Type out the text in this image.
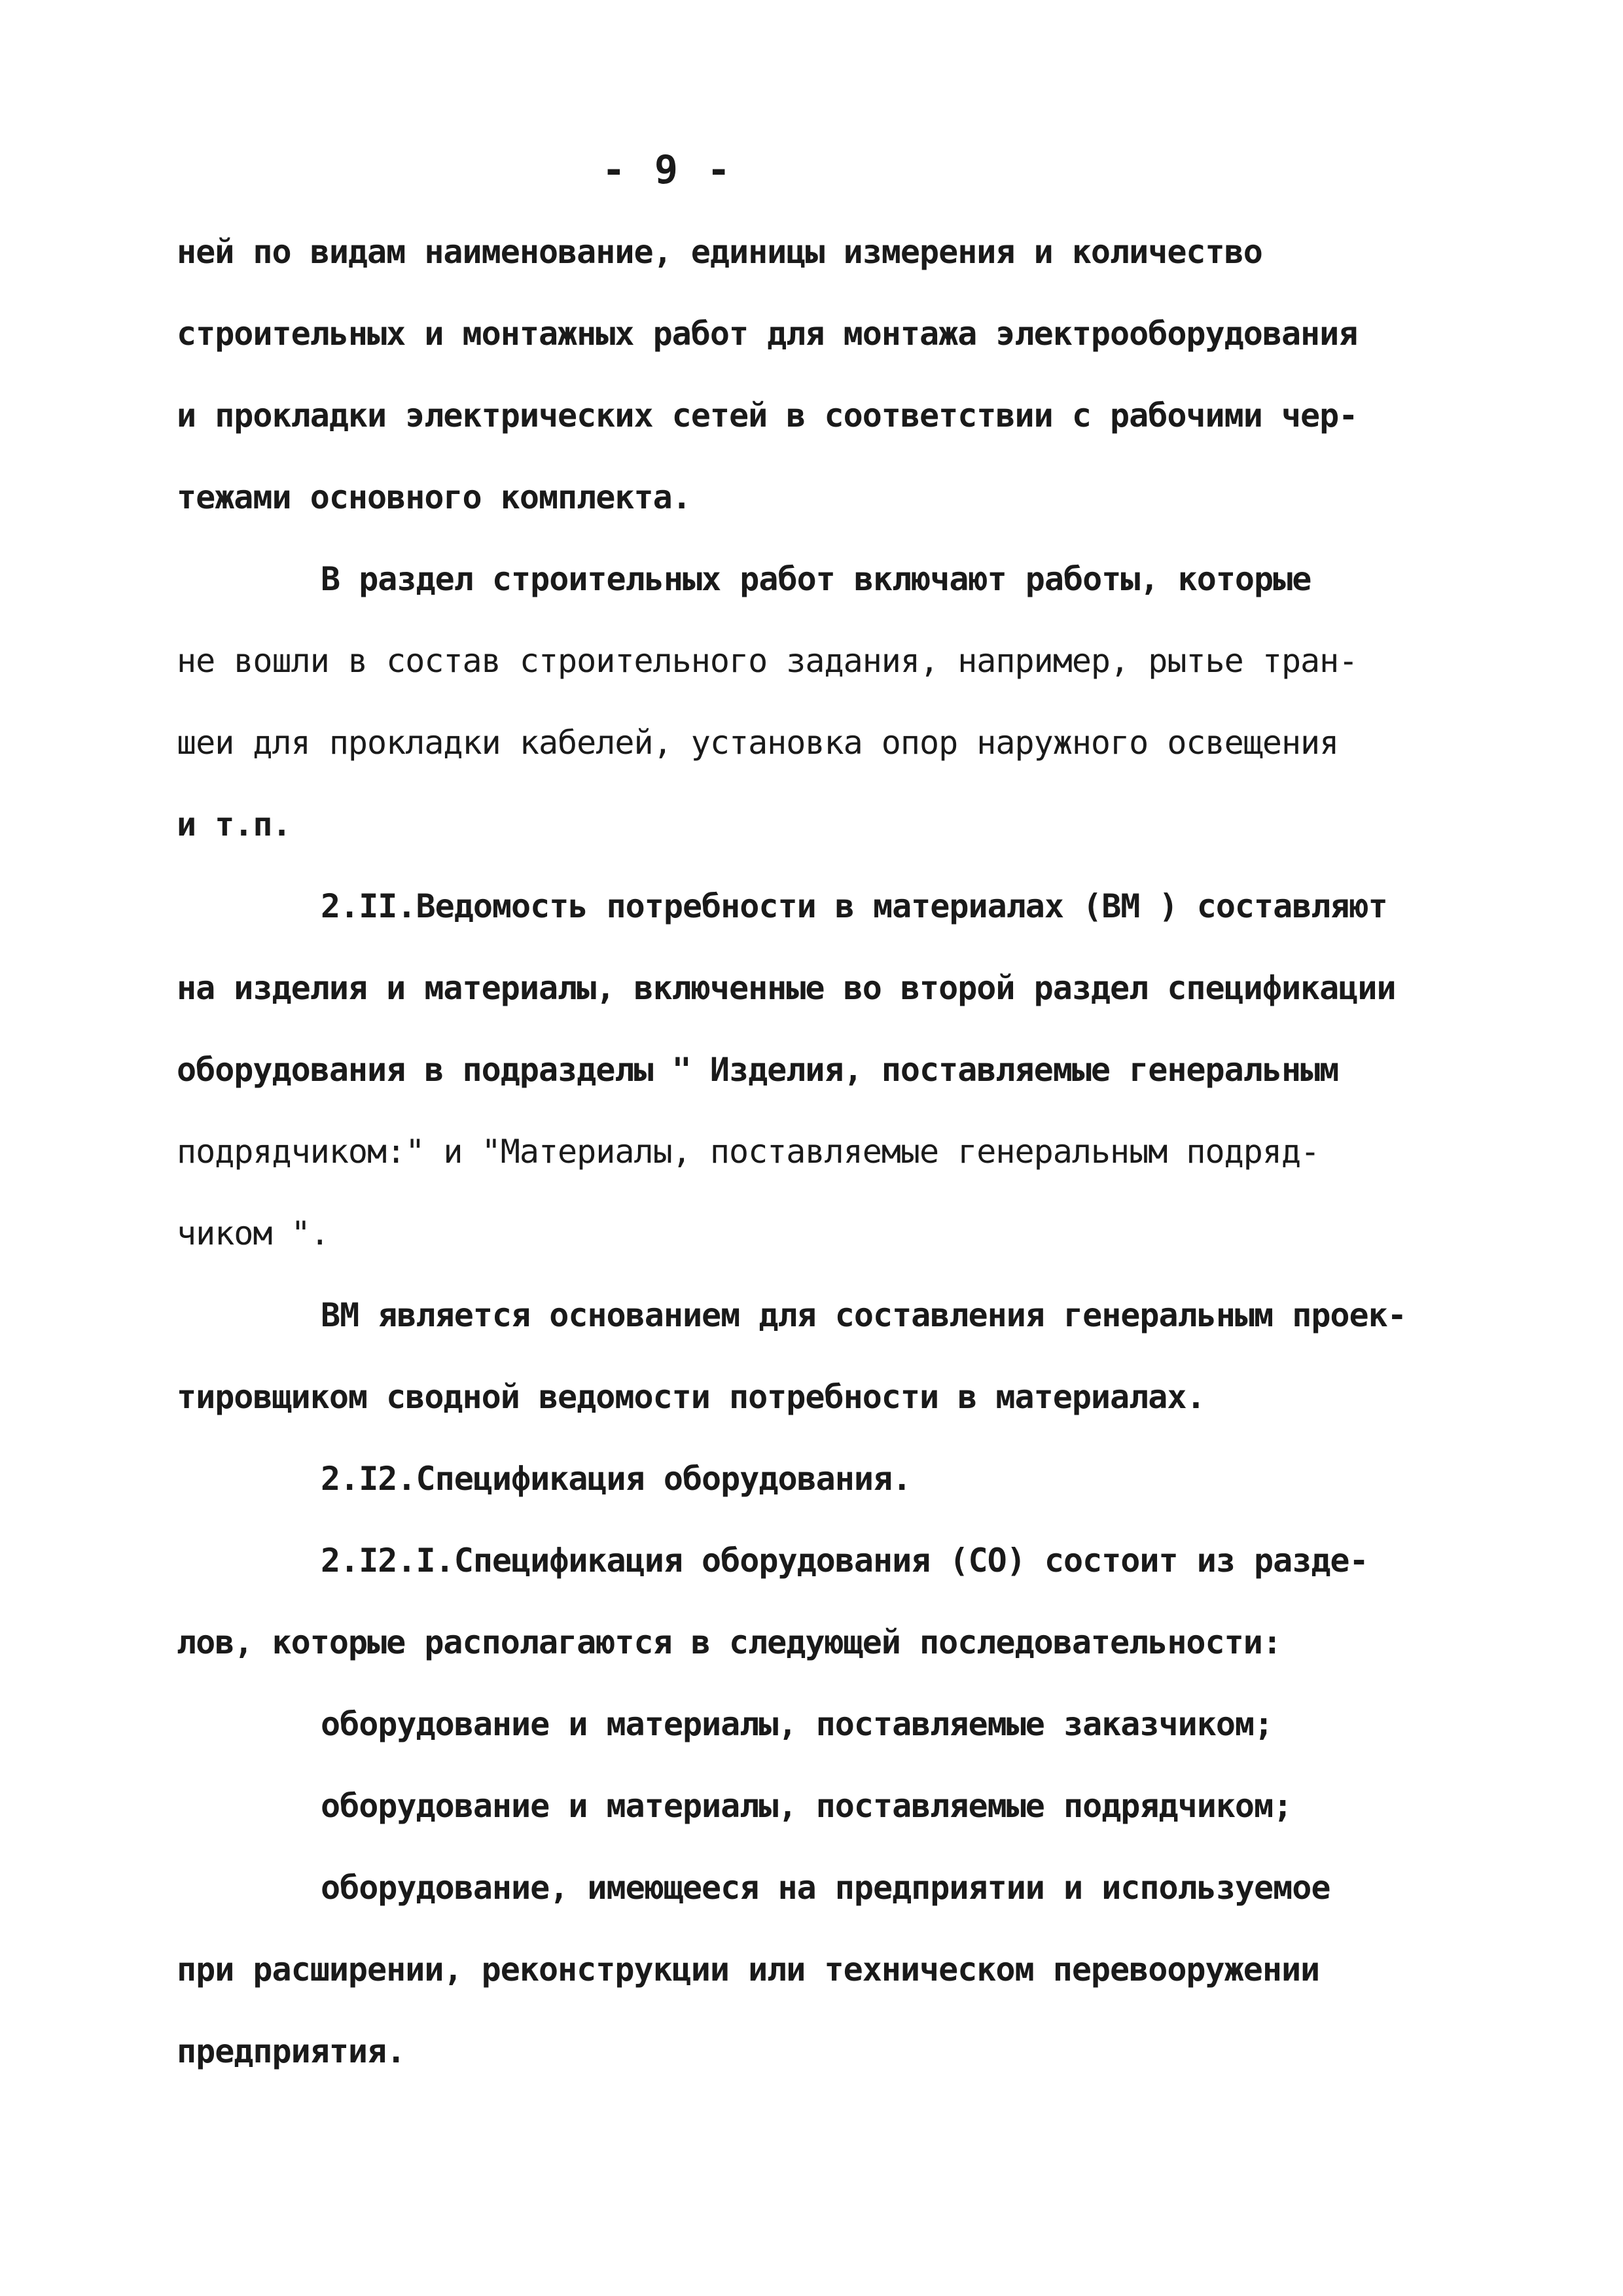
- 9 -
ней по видам наименование, единицы измерения и количество
строительных и монтажных работ для монтажа электрооборудования
и прокладки электрических сетей в соответствии с рабочими чер-
тежами основного комплекта.
В раздел строительных работ включают работы, которые
не вошли в состав строительного задания, например, рытье тран-
шеи для прокладки кабелей, установка опор наружного освещения
и т.п.
2.II.Ведомость потребности в материалах (ВМ ) составляют
на изделия и материалы, включенные во второй раздел спецификации
оборудования в подразделы " Изделия, поставляемые генеральным
подрядчиком:" и "Материалы, поставляемые генеральным подряд-
чиком ".
ВМ является основанием для составления генеральным проек-
тировщиком сводной ведомости потребности в материалах.
2.I2.Спецификация оборудования.
2.I2.I.Спецификация оборудования (СО) состоит из разде-
лов, которые располагаются в следующей последовательности:
оборудование и материалы, поставляемые заказчиком;
оборудование и материалы, поставляемые подрядчиком;
оборудование, имеющееся на предприятии и используемое
при расширении, реконструкции или техническом перевооружении
предприятия.
